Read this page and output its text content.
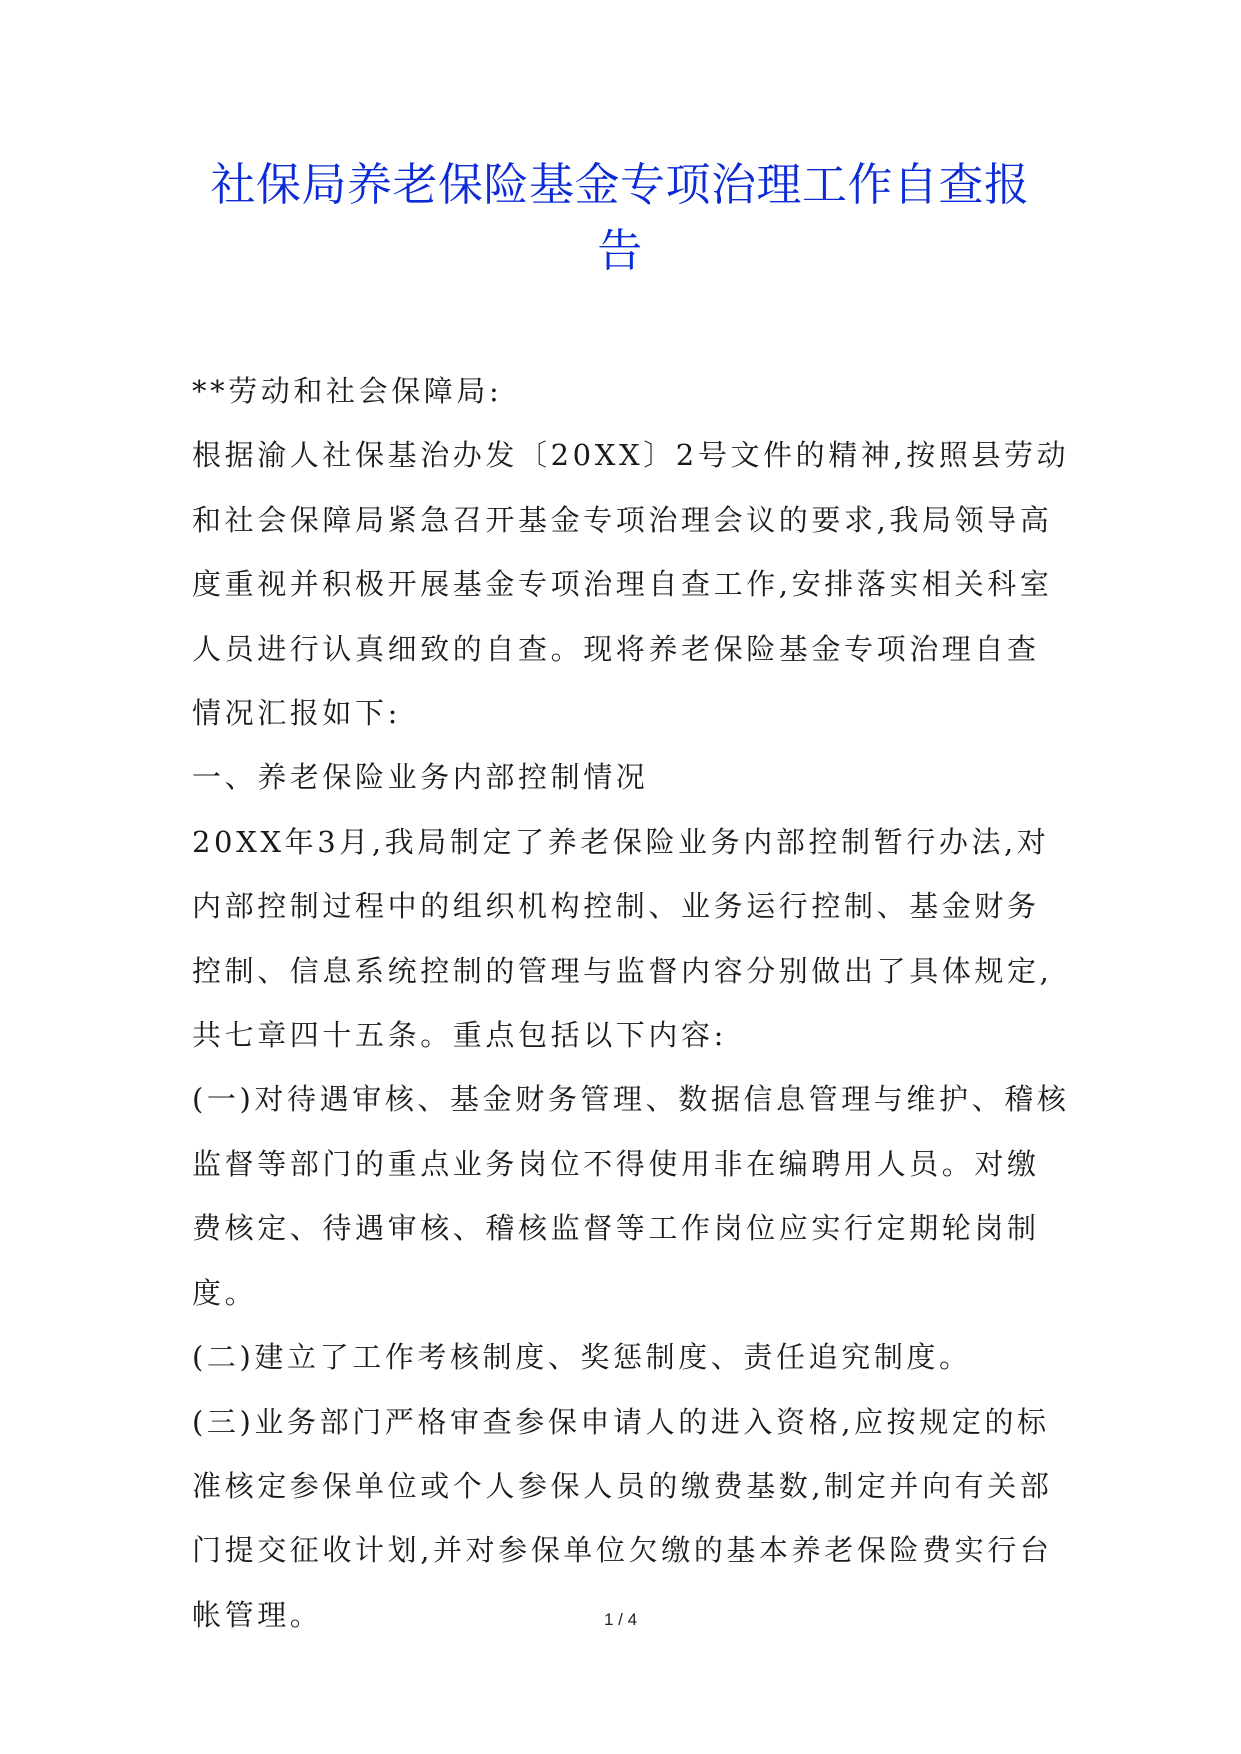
社保局养老保险基金专项治理工作自查报告

**劳动和社会保障局:

根据渝人社保基治办发〔20XX〕2号文件的精神,按照县劳动和社会保障局紧急召开基金专项治理会议的要求,我局领导高度重视并积极开展基金专项治理自查工作,安排落实相关科室人员进行认真细致的自查。现将养老保险基金专项治理自查情况汇报如下:

一、养老保险业务内部控制情况

20XX年3月,我局制定了养老保险业务内部控制暂行办法,对内部控制过程中的组织机构控制、业务运行控制、基金财务控制、信息系统控制的管理与监督内容分别做出了具体规定,共七章四十五条。重点包括以下内容:

(一)对待遇审核、基金财务管理、数据信息管理与维护、稽核监督等部门的重点业务岗位不得使用非在编聘用人员。对缴费核定、待遇审核、稽核监督等工作岗位应实行定期轮岗制度。

(二)建立了工作考核制度、奖惩制度、责任追究制度。

(三)业务部门严格审查参保申请人的进入资格,应按规定的标准核定参保单位或个人参保人员的缴费基数,制定并向有关部门提交征收计划,并对参保单位欠缴的基本养老保险费实行台帐管理。	1 / 4
